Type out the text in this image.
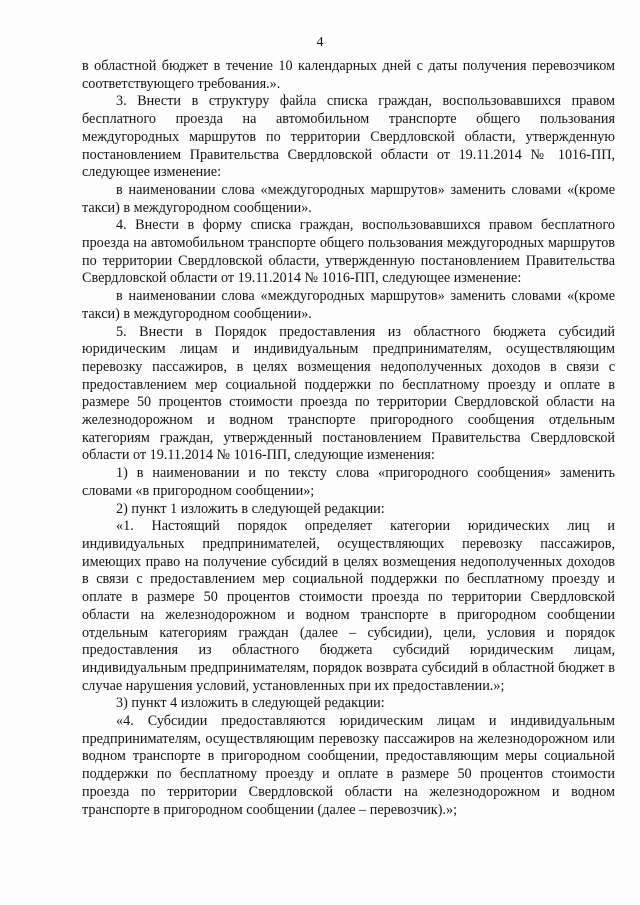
4

в областной бюджет в течение 10 календарных дней с даты получения перевозчиком соответствующего требования.».

3. Внести в структуру файла списка граждан, воспользовавшихся правом бесплатного проезда на автомобильном транспорте общего пользования междугородных маршрутов по территории Свердловской области, утвержденную постановлением Правительства Свердловской области от 19.11.2014 № 1016-ПП, следующее изменение:

в наименовании слова «междугородных маршрутов» заменить словами «(кроме такси) в междугородном сообщении».

4. Внести в форму списка граждан, воспользовавшихся правом бесплатного проезда на автомобильном транспорте общего пользования междугородных маршрутов по территории Свердловской области, утвержденную постановлением Правительства Свердловской области от 19.11.2014 № 1016-ПП, следующее изменение:

в наименовании слова «междугородных маршрутов» заменить словами «(кроме такси) в междугородном сообщении».

5. Внести в Порядок предоставления из областного бюджета субсидий юридическим лицам и индивидуальным предпринимателям, осуществляющим перевозку пассажиров, в целях возмещения недополученных доходов в связи с предоставлением мер социальной поддержки по бесплатному проезду и оплате в размере 50 процентов стоимости проезда по территории Свердловской области на железнодорожном и водном транспорте пригородного сообщения отдельным категориям граждан, утвержденный постановлением Правительства Свердловской области от 19.11.2014 № 1016-ПП, следующие изменения:

1) в наименовании и по тексту слова «пригородного сообщения» заменить словами «в пригородном сообщении»;

2) пункт 1 изложить в следующей редакции:

«1. Настоящий порядок определяет категории юридических лиц и индивидуальных предпринимателей, осуществляющих перевозку пассажиров, имеющих право на получение субсидий в целях возмещения недополученных доходов в связи с предоставлением мер социальной поддержки по бесплатному проезду и оплате в размере 50 процентов стоимости проезда по территории Свердловской области на железнодорожном и водном транспорте в пригородном сообщении отдельным категориям граждан (далее – субсидии), цели, условия и порядок предоставления из областного бюджета субсидий юридическим лицам, индивидуальным предпринимателям, порядок возврата субсидий в областной бюджет в случае нарушения условий, установленных при их предоставлении.»;

3) пункт 4 изложить в следующей редакции:

«4. Субсидии предоставляются юридическим лицам и индивидуальным предпринимателям, осуществляющим перевозку пассажиров на железнодорожном или водном транспорте в пригородном сообщении, предоставляющим меры социальной поддержки по бесплатному проезду и оплате в размере 50 процентов стоимости проезда по территории Свердловской области на железнодорожном и водном транспорте в пригородном сообщении (далее – перевозчик).»;
